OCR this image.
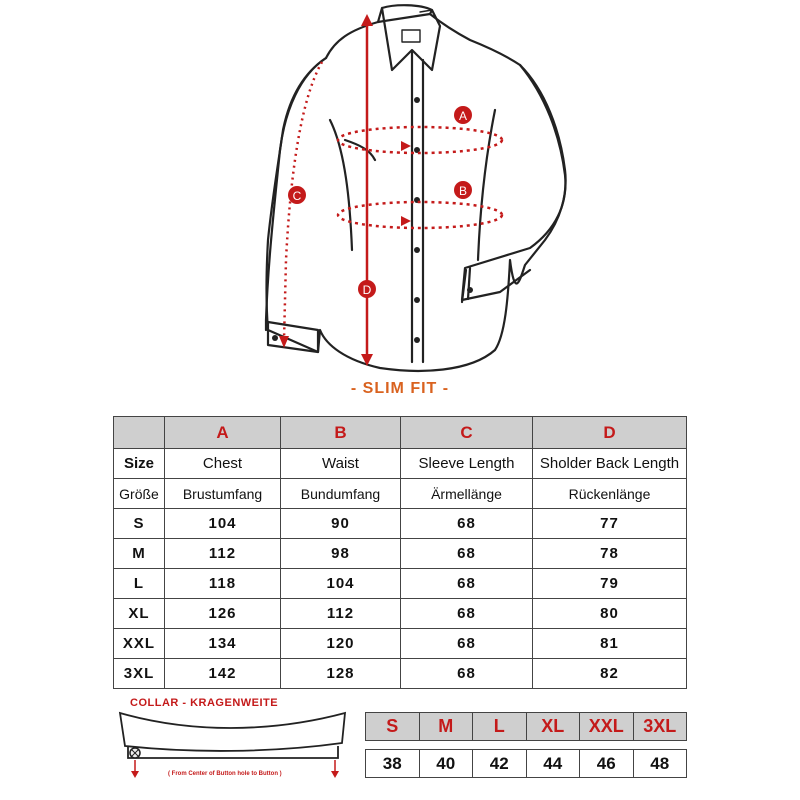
A
B
C
D
- SLIM FIT -
	A	B	C	D
Size	Chest	Waist	Sleeve Length	Sholder Back Length
Größe	Brustumfang	Bundumfang	Ärmellänge	Rückenlänge
S	104	90	68	77
M	112	98	68	78
L	118	104	68	79
XL	126	112	68	80
XXL	134	120	68	81
3XL	142	128	68	82
COLLAR - KRAGENWEITE
( From Center of Button hole to Button )
S	M	L	XL	XXL	3XL

38	40	42	44	46	48
